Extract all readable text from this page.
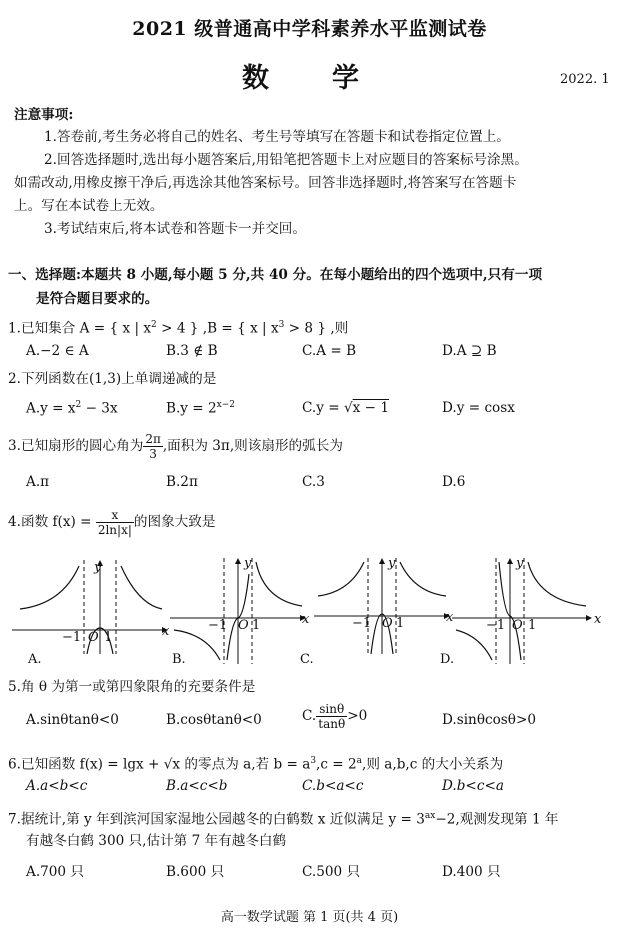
2021 级普通高中学科素养水平监测试卷
数　学	2022. 1
注意事项:
1.答卷前,考生务必将自己的姓名、考生号等填写在答题卡和试卷指定位置上。
2.回答选择题时,选出每小题答案后,用铅笔把答题卡上对应题目的答案标号涂黑。
如需改动,用橡皮擦干净后,再选涂其他答案标号。回答非选择题时,将答案写在答题卡
上。写在本试卷上无效。
3.考试结束后,将本试卷和答题卡一并交回。
一、选择题:本题共 8 小题,每小题 5 分,共 40 分。在每小题给出的四个选项中,只有一项
是符合题目要求的。
1.已知集合 A = { x | $x^2 > 4$ } ,B = { x | $x^3 > 8$ } ,则
A.−2 ∈ A	B.3 ∉ B	C.A = B	D.A ⊇ B
2.下列函数在(1,3)上单调递减的是
$A.y = x^2 - 3x$	$B.y = 2^{x-2}$	C.y = √x − 1	D.y = cosx
3.已知扇形的圆心角为 $\frac{2\pi}{3}$ ,面积为 3π,则该扇形的弧长为
A.π	B.2π	C.3	D.6
4.函数 $f(x) = \frac{x}{2\ln|x|}$ 的图象大致是
−1 1
O
y
x
A.
−1 1
O
y
x
B.
−1 1
O
y
x
C.
−1 1
O
y
x
D.
5.角 θ 为第一或第四象限角的充要条件是
A.sinθtanθ<0	B.cosθtanθ<0	C. $\frac{\sin\theta}{\tan\theta} >0$	D.sinθcosθ>0
6.已知函数 f(x) = lgx + √x 的零点为 a,若 $b = a^3,c = 2^a$,则 a,b,c 的大小关系为
A.a<b<c	B.a<c<b	C.b<a<c	D.b<c<a
7.据统计,第 y 年到滨河国家湿地公园越冬的白鹤数 x 近似满足 $y = 3^{ax}-2$,观测发现第 1 年
有越冬白鹤 300 只,估计第 7 年有越冬白鹤
A.700 只	B.600 只	C.500 只	D.400 只
高一数学试题 第 1 页(共 4 页)
